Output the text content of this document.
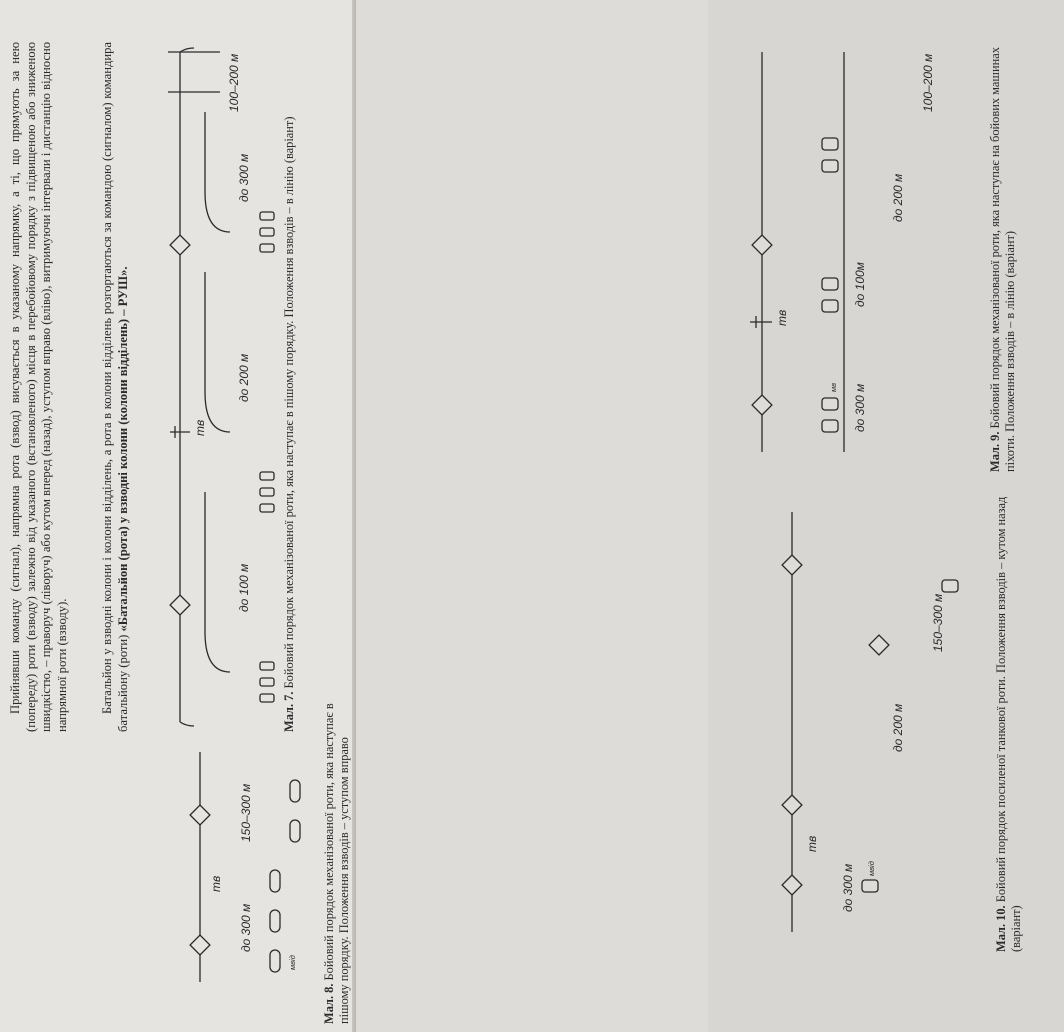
Прийнявши команду (сигнал), напрямна рота (взвод) висувається в указаному напрямку, а ті, що прямують за нею (попереду) роти (взводу) залежно від указаного (встановленого) місця в перебойовому порядку з підвищеною або зниженою швидкістю, – праворуч (ліворуч) або кутом вперед (назад), уступом вправо (вліво), витримуючи інтервали і дистанцію відносно напрямної роти (взводу). Батальйон у взводні колони і колони відділень, а рота в колони відділень розгортаються за командою (сигналом) командира батальйону (роти) «Батальйон (рота) у взводні колони (колони відділень) – РУШ».	тв
100–200 м
до 100 м
до 200 м
до 300 м

Мал. 7. Бойовий порядок механізованої роти, яка наступає в пішому порядку. Положення взводів – в лінію (варіант)

тв
до 300 м
150–300 м
мвід

Мал. 8. Бойовий порядок механізованої роти, яка наступає в пішому порядку. Положення взводів – уступом вправо

тв
мв до 300 м
до 100м
до 200 м
100–200 м

Мал. 9. Бойовий порядок механізованої роти, яка наступає на бойових машинах піхоти. Положення взводів – в лінію (варіант)

тв
до 300 м
до 200 м
150–300 м
мвід

Мал. 10. Бойовий порядок посиленої танкової роти. Положення взводів – кутом назад (варіант)
